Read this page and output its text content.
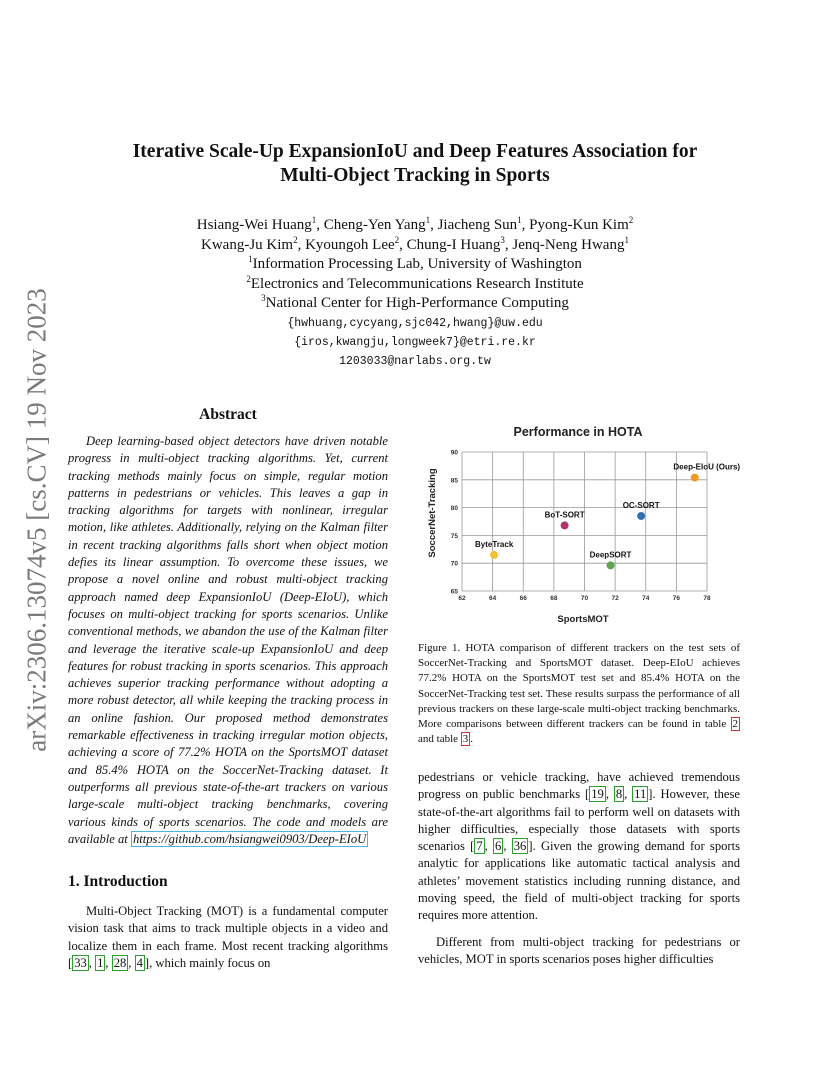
arXiv:2306.13074v5 [cs.CV] 19 Nov 2023
Iterative Scale-Up ExpansionIoU and Deep Features Association for
Multi-Object Tracking in Sports
Hsiang-Wei Huang$^1$, Cheng-Yen Yang$^1$, Jiacheng Sun$^1$, Pyong-Kun Kim$^2$
Kwang-Ju Kim$^2$, Kyoungoh Lee$^2$, Chung-I Huang$^3$, Jenq-Neng Hwang$^1$
$^1$Information Processing Lab, University of Washington
$^2$Electronics and Telecommunications Research Institute
$^3$National Center for High-Performance Computing
{hwhuang,cycyang,sjc042,hwang}@uw.edu
{iros,kwangju,longweek7}@etri.re.kr
1203033@narlabs.org.tw
Abstract

Deep learning-based object detectors have driven notable progress in multi-object tracking algorithms. Yet, current tracking methods mainly focus on simple, regular motion patterns in pedestrians or vehicles. This leaves a gap in tracking algorithms for targets with nonlinear, irregular motion, like athletes. Additionally, relying on the Kalman filter in recent tracking algorithms falls short when object motion defies its linear assumption. To overcome these issues, we propose a novel online and robust multi-object tracking approach named deep ExpansionIoU (Deep-EIoU), which focuses on multi-object tracking for sports scenarios. Unlike conventional methods, we abandon the use of the Kalman filter and leverage the iterative scale-up ExpansionIoU and deep features for robust tracking in sports scenarios. This approach achieves superior tracking performance without adopting a more robust detector, all while keeping the tracking process in an online fashion. Our proposed method demonstrates remarkable effectiveness in tracking irregular motion objects, achieving a score of 77.2% HOTA on the SportsMOT dataset and 85.4% HOTA on the SoccerNet-Tracking dataset. It outperforms all previous state-of-the-art trackers on various large-scale multi-object tracking benchmarks, covering various kinds of sports scenarios. The code and models are available at https://github.com/hsiangwei0903/Deep-EIoU

1. Introduction

Multi-Object Tracking (MOT) is a fundamental computer vision task that aims to track multiple objects in a video and localize them in each frame. Most recent tracking algorithms [ 33 , 1 , 28 , 4 ], which mainly focus on

Performance in HOTA
62	64	66	68	70	72	74	76	78
65
70
75
80
85
90
ByteTrack
BoT-SORT
DeepSORT
OC-SORT
Deep-EIoU (Ours)
SportsMOT
SoccerNet-Tracking

Figure 1. HOTA comparison of different trackers on the test sets of SoccerNet-Tracking and SportsMOT dataset. Deep-EIoU achieves 77.2% HOTA on the SportsMOT test set and 85.4% HOTA on the SoccerNet-Tracking test set. These results surpass the performance of all previous trackers on these large-scale multi-object tracking benchmarks. More comparisons between different trackers can be found in table 2 and table 3 .

pedestrians or vehicle tracking, have achieved tremendous progress on public benchmarks [ 19 , 8 , 11 ]. However, these state-of-the-art algorithms fail to perform well on datasets with higher difficulties, especially those datasets with sports scenarios [ 7 , 6 , 36 ]. Given the growing demand for sports analytic for applications like automatic tactical analysis and athletes’ movement statistics including running distance, and moving speed, the field of multi-object tracking for sports requires more attention.

Different from multi-object tracking for pedestrians or vehicles, MOT in sports scenarios poses higher difficulties
